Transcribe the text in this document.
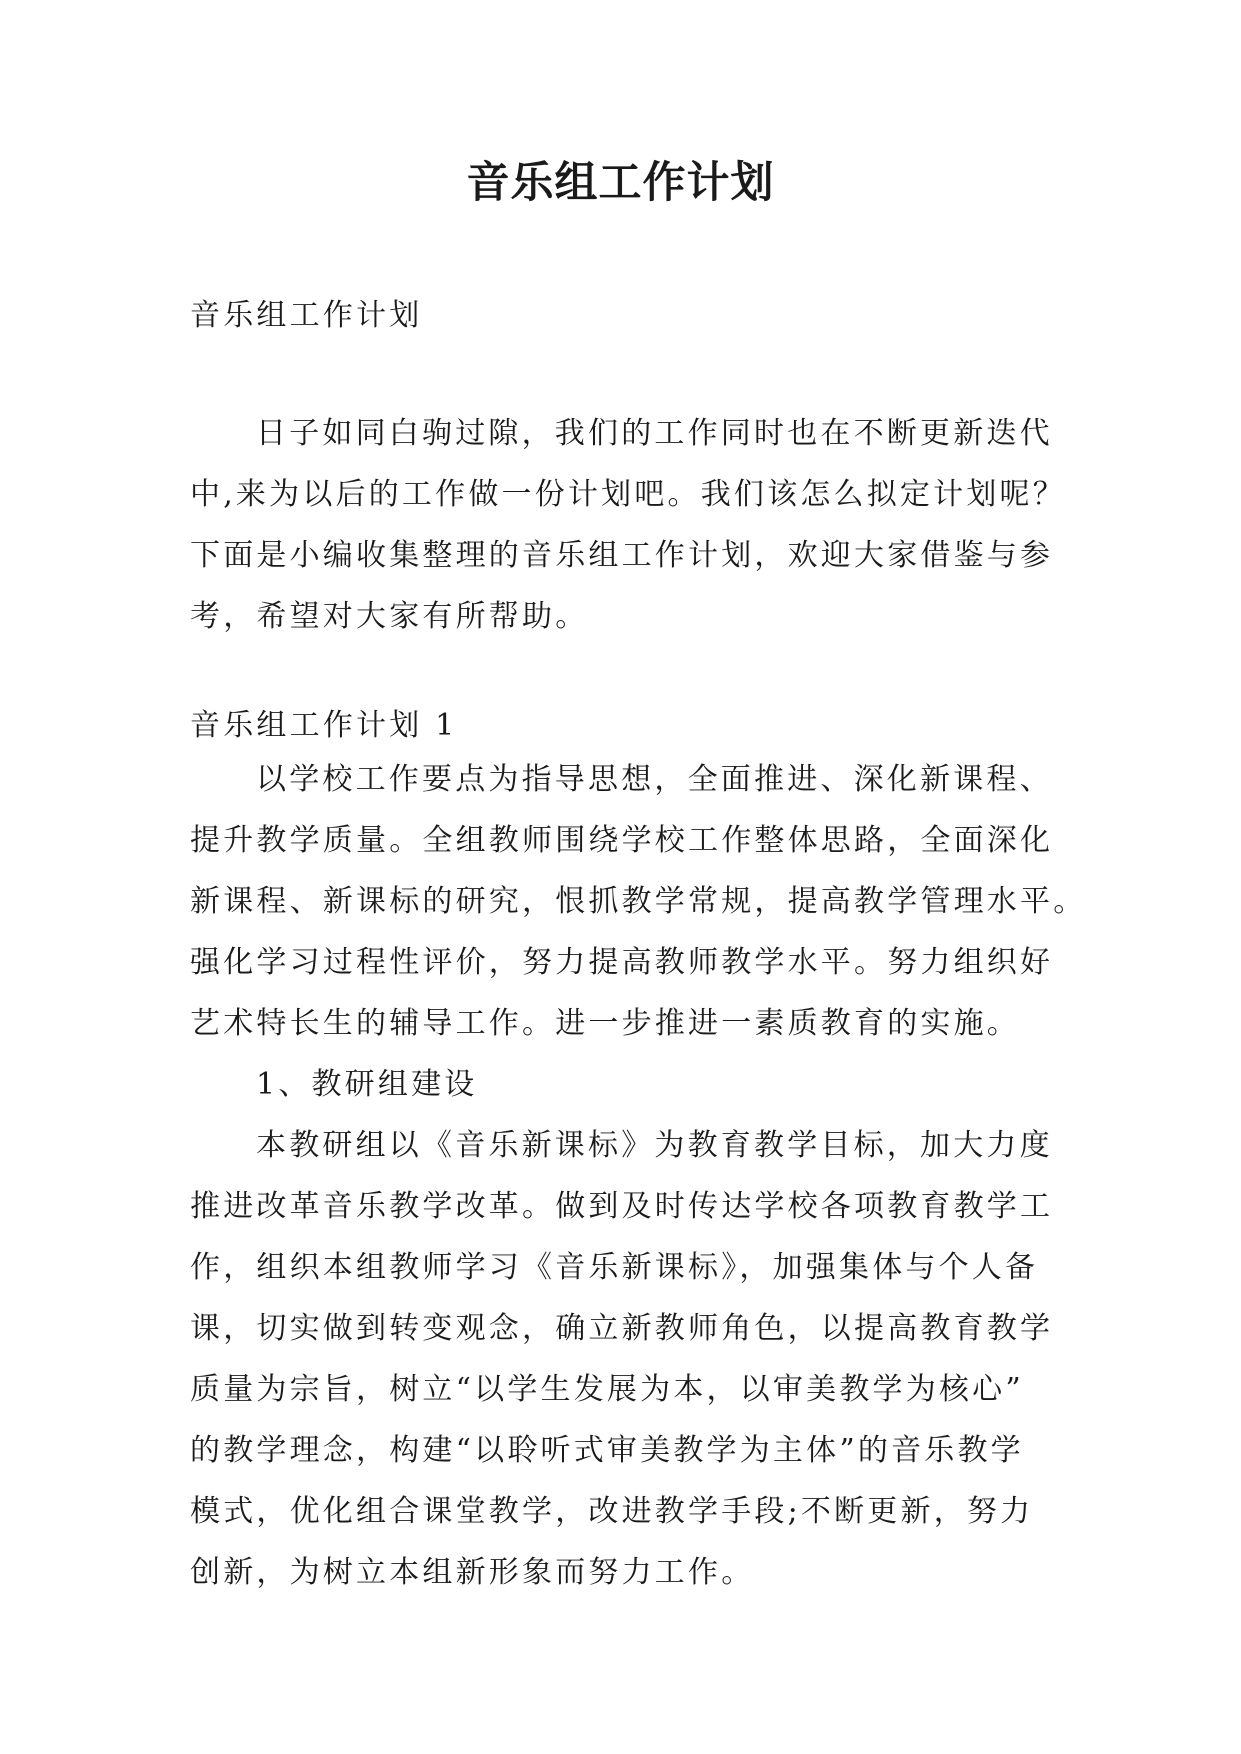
音乐组工作计划
音乐组工作计划
日子如同白驹过隙，我们的工作同时也在不断更新迭代
中,来为以后的工作做一份计划吧。我们该怎么拟定计划呢？
下面是小编收集整理的音乐组工作计划，欢迎大家借鉴与参
考，希望对大家有所帮助。
音乐组工作计划 1
以学校工作要点为指导思想，全面推进、深化新课程、
提升教学质量。全组教师围绕学校工作整体思路，全面深化
新课程、新课标的研究，恨抓教学常规，提高教学管理水平。
强化学习过程性评价，努力提高教师教学水平。努力组织好
艺术特长生的辅导工作。进一步推进一素质教育的实施。
1、教研组建设
本教研组以《音乐新课标》为教育教学目标，加大力度
推进改革音乐教学改革。做到及时传达学校各项教育教学工
作，组织本组教师学习《音乐新课标》，加强集体与个人备
课，切实做到转变观念，确立新教师角色，以提高教育教学
质量为宗旨，树立“以学生发展为本，以审美教学为核心”
的教学理念，构建“以聆听式审美教学为主体”的音乐教学
模式，优化组合课堂教学，改进教学手段;不断更新，努力
创新，为树立本组新形象而努力工作。
